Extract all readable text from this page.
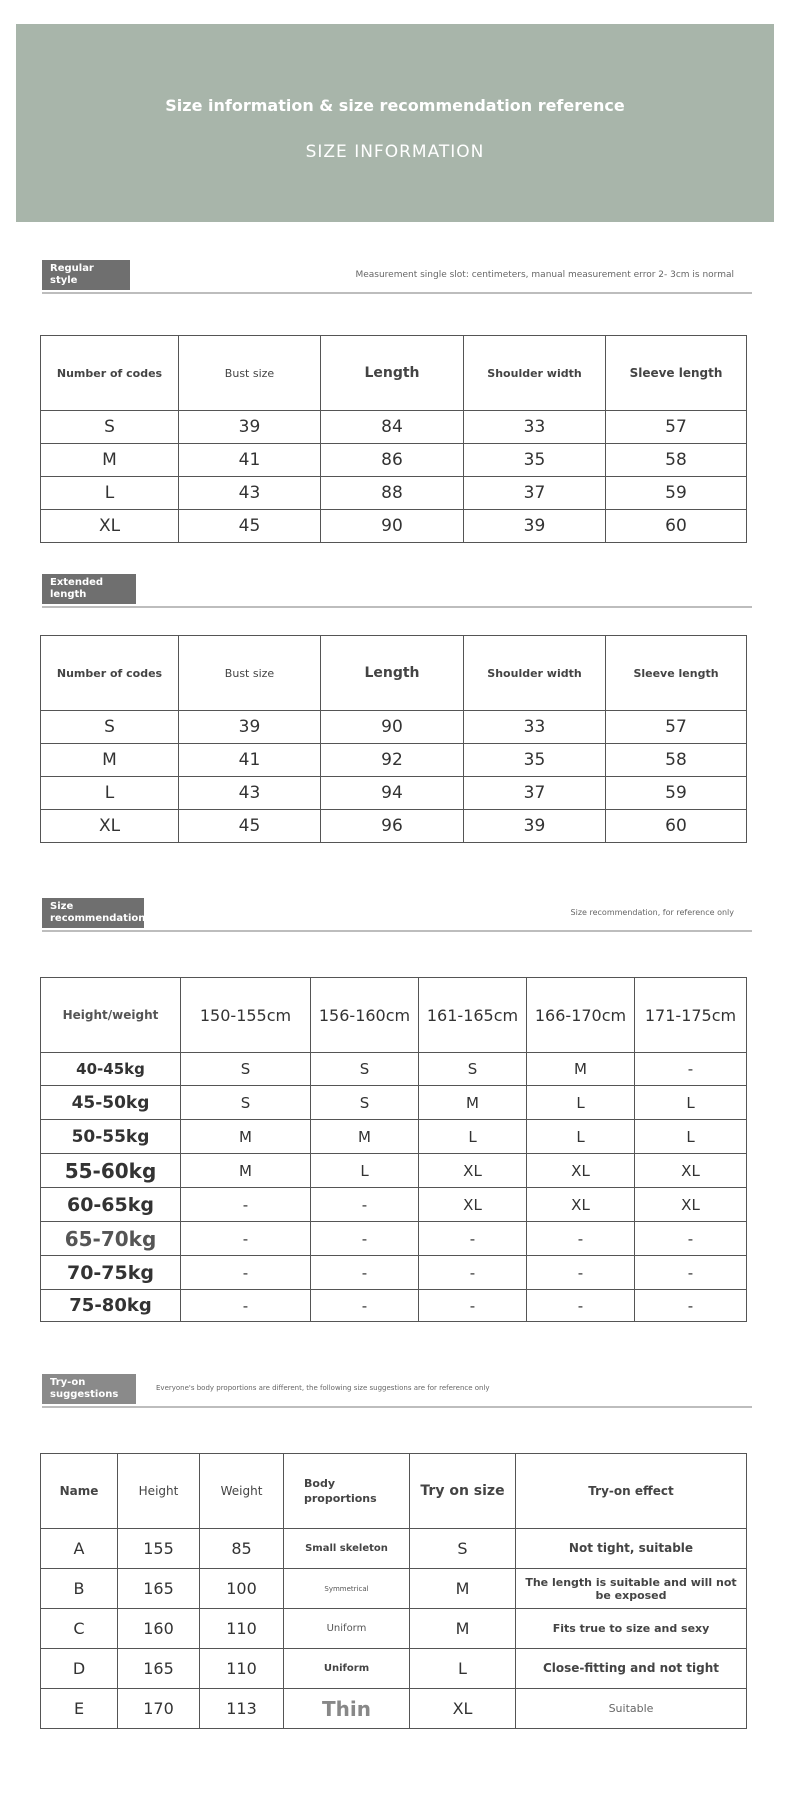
Size information & size recommendation reference
SIZE INFORMATION
Regular style	Measurement single slot: centimeters, manual measurement error 2- 3cm is normal
Number of codes	Bust size	Length	Shoulder width	Sleeve length
S	39	84	33	57
M	41	86	35	58
L	43	88	37	59
XL	45	90	39	60
Extended length
Number of codes	Bust size	Length	Shoulder width	Sleeve length
S	39	90	33	57
M	41	92	35	58
L	43	94	37	59
XL	45	96	39	60
Size recommendation
Size recommendation, for reference only
Height/weight	150-155cm	156-160cm	161-165cm	166-170cm	171-175cm
40-45kg	S	S	S	M	-
45-50kg	S	S	M	L	L
50-55kg	M	M	L	L	L
55-60kg	M	L	XL	XL	XL
60-65kg	-	-	XL	XL	XL
65-70kg	-	-	-	-	-
70-75kg	-	-	-	-	-
75-80kg	-	-	-	-	-
Try-on suggestions
Everyone's body proportions are different, the following size suggestions are for reference only
Name	Height	Weight	Body proportions	Try on size	Try-on effect
A	155	85	Small skeleton	S	Not tight, suitable
B	165	100	Symmetrical	M	The length is suitable and will not be exposed
C	160	110	Uniform	M	Fits true to size and sexy
D	165	110	Uniform	L	Close-fitting and not tight
E	170	113	Thin	XL	Suitable
